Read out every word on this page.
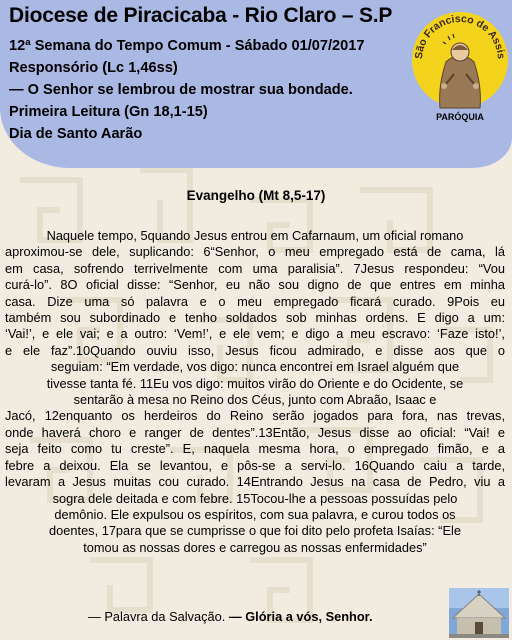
Diocese de Piracicaba - Rio Claro – S.P
12ª Semana do Tempo Comum - Sábado 01/07/2017
Responsório (Lc 1,46ss)
— O Senhor se lembrou de mostrar sua bondade.
Primeira Leitura (Gn 18,1-15)
Dia de Santo Aarão
São Francisco de Assis
PARÓQUIA
Evangelho (Mt 8,5-17)
Naquele tempo, 5quando Jesus entrou em Cafarnaum, um oficial romano
aproximou-se dele, suplicando: 6“Senhor, o meu empregado está de cama, lá
em casa, sofrendo terrivelmente com uma paralisia”. 7Jesus respondeu: “Vou
curá-lo”. 8O oficial disse: “Senhor, eu não sou digno de que entres em minha
casa. Dize uma só palavra e o meu empregado ficará curado. 9Pois eu
também sou subordinado e tenho soldados sob minhas ordens. E digo a um:
‘Vai!’, e ele vai; e a outro: ‘Vem!’, e ele vem; e digo a meu escravo: ‘Faze isto!’,
e ele faz”.10Quando ouviu isso, Jesus ficou admirado, e disse aos que o
seguiam: “Em verdade, vos digo: nunca encontrei em Israel alguém que
tivesse tanta fé. 11Eu vos digo: muitos virão do Oriente e do Ocidente, se
sentarão à mesa no Reino dos Céus, junto com Abraão, Isaac e
Jacó, 12enquanto os herdeiros do Reino serão jogados para fora, nas trevas,
onde haverá choro e ranger de dentes”.13Então, Jesus disse ao oficial: “Vai! e
seja feito como tu creste”. E, naquela mesma hora, o empregado fimão, e a
febre a deixou. Ela se levantou, e pôs-se a servi-lo. 16Quando caiu a tarde,
levaram a Jesus muitas cou curado. 14Entrando Jesus na casa de Pedro, viu a
sogra dele deitada e com febre. 15Tocou-lhe a pessoas possuídas pelo
demônio. Ele expulsou os espíritos, com sua palavra, e curou todos os
doentes, 17para que se cumprisse o que foi dito pelo profeta Isaías: “Ele
tomou as nossas dores e carregou as nossas enfermidades”
— Palavra da Salvação. — Glória a vós, Senhor.
